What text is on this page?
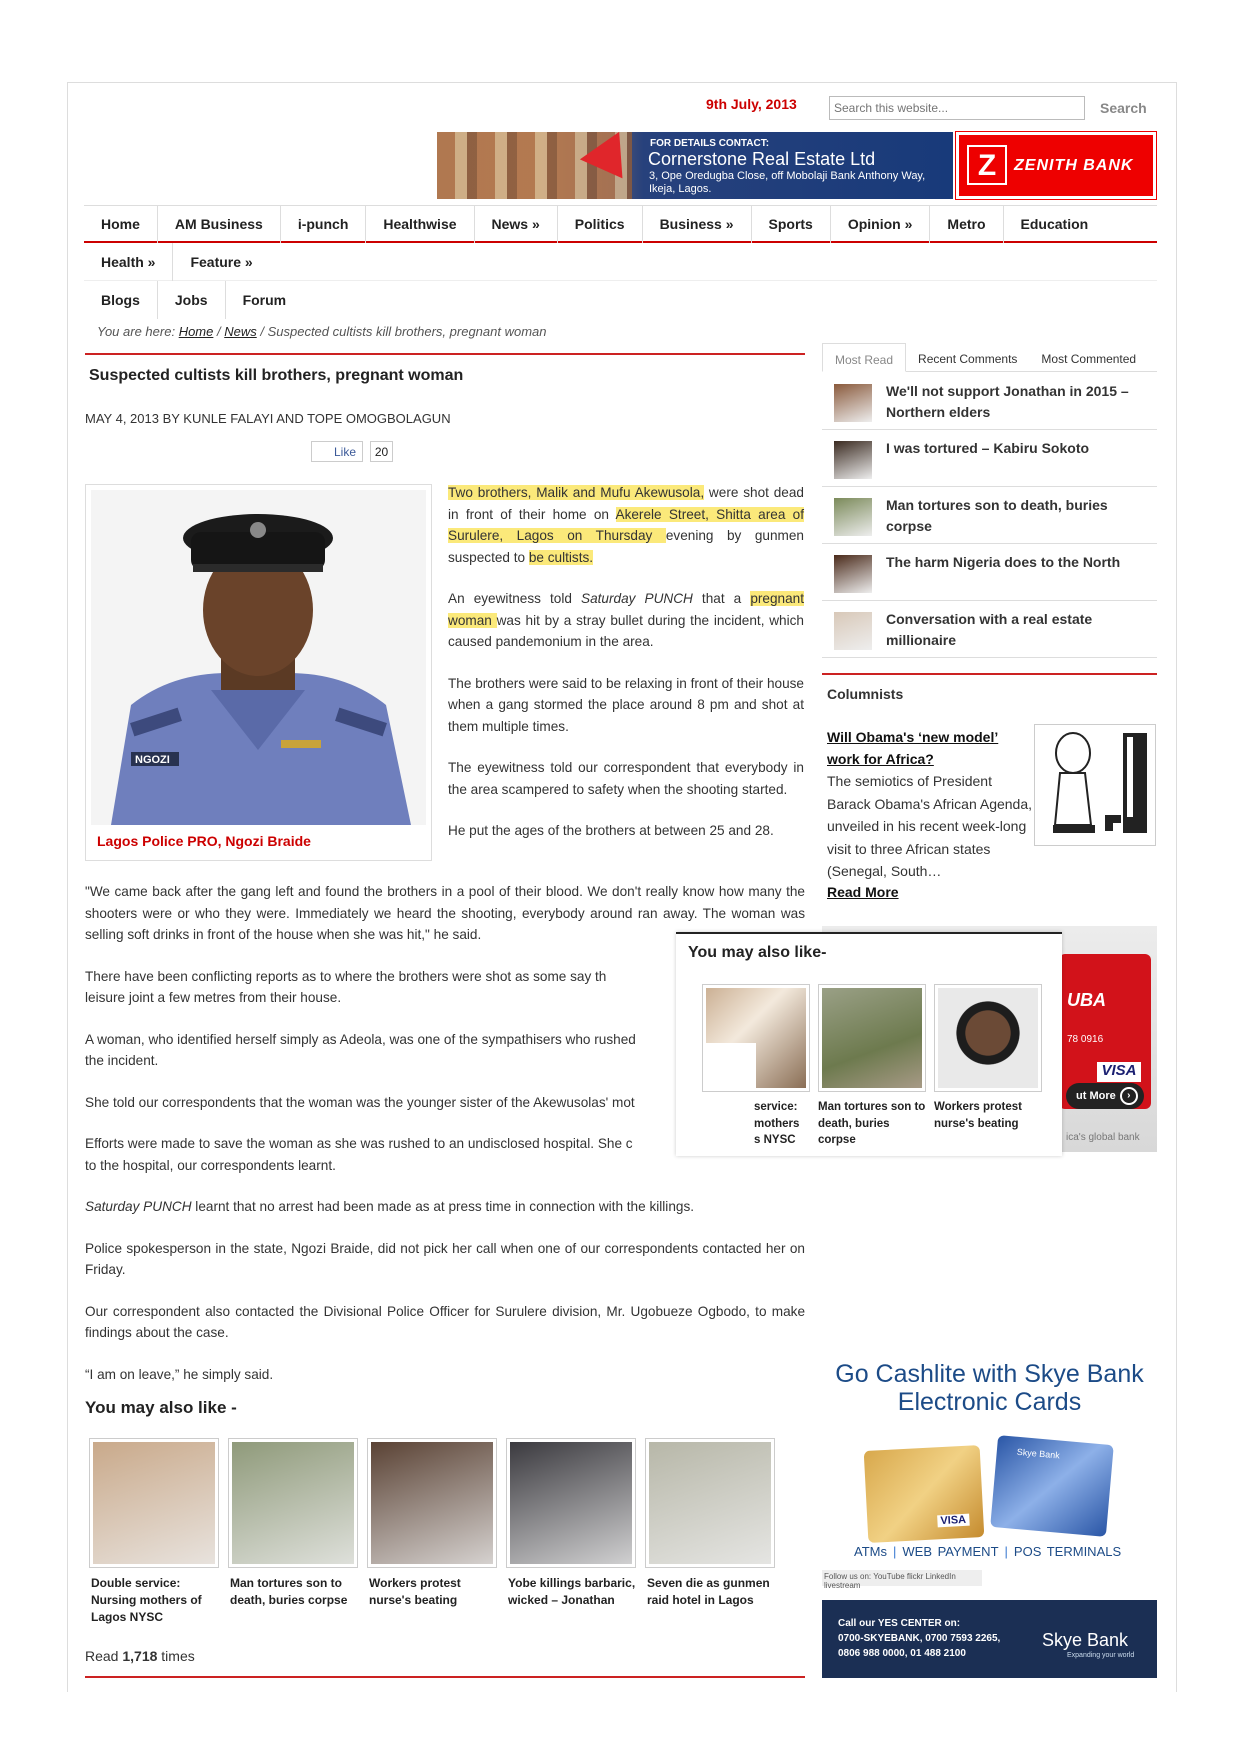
9th July, 2013
Search this website...	Search
FOR DETAILS CONTACT:
Cornerstone Real Estate Ltd
3, Ope Oredugba Close, off Mobolaji Bank Anthony Way, Ikeja, Lagos.
Z	ZENITH BANK
Home	AM Business	i-punch	Healthwise	News »	Politics	Business »	Sports	Opinion »	Metro	Education
Health »	Feature »
Blogs	Jobs	Forum
You are here: Home / News / Suspected cultists kill brothers, pregnant woman
Suspected cultists kill brothers, pregnant woman
MAY 4, 2013 BY KUNLE FALAYI AND TOPE OMOGBOLAGUN
Like	20
NGOZI
Lagos Police PRO, Ngozi Braide

Two brothers, Malik and Mufu Akewusola, were shot dead in front of their home on Akerele Street, Shitta area of Surulere, Lagos on Thursday evening by gunmen suspected to be cultists.

An eyewitness told Saturday PUNCH that a pregnant woman was hit by a stray bullet during the incident, which caused pandemonium in the area.

The brothers were said to be relaxing in front of their house when a gang stormed the place around 8 pm and shot at them multiple times.

The eyewitness told our correspondent that everybody in the area scampered to safety when the shooting started.

He put the ages of the brothers at between 25 and 28.

"We came back after the gang left and found the brothers in a pool of their blood. We don't really know how many the shooters were or who they were. Immediately we heard the shooting, everybody around ran away. The woman was selling soft drinks in front of the house when she was hit," he said.

There have been conflicting reports as to where the brothers were shot as some say th
leisure joint a few metres from their house.

A woman, who identified herself simply as Adeola, was one of the sympathisers who rushed
the incident.

She told our correspondents that the woman was the younger sister of the Akewusolas' mot

Efforts were made to save the woman as she was rushed to an undisclosed hospital. She c
to the hospital, our correspondents learnt.

Saturday PUNCH learnt that no arrest had been made as at press time in connection with the killings.

Police spokesperson in the state, Ngozi Braide, did not pick her call when one of our correspondents contacted her on Friday.

Our correspondent also contacted the Divisional Police Officer for Surulere division, Mr. Ugobueze Ogbodo, to make findings about the case.

“I am on leave,” he simply said.

You may also like -
Double service: Nursing mothers of Lagos NYSC
Man tortures son to death, buries corpse
Workers protest nurse's beating
Yobe killings barbaric, wicked – Jonathan
Seven die as gunmen raid hotel in Lagos
Read 1,718 times
Most Read	Recent Comments	Most Commented
We'll not support Jonathan in 2015 –Northern elders
I was tortured – Kabiru Sokoto
Man tortures son to death, buries corpse
The harm Nigeria does to the North
Conversation with a real estate millionaire
Columnists
Will Obama's ‘new model’ work for Africa?
The semiotics of President Barack Obama's African Agenda, unveiled in his recent week-long visit to three African states (Senegal, South…
Read More
UBA
78 0916
VISA
ut More	›
ica's global bank
You may also like-
service:
mothers
s NYSC
Man tortures son to death, buries corpse
Workers protest nurse's beating
Go Cashlite with Skye Bank
Electronic Cards
VISA
Skye Bank
ATMs | WEB PAYMENT | POS TERMINALS
Follow us on: YouTube flickr LinkedIn livestream
Call our YES CENTER on:
0700-SKYEBANK, 0700 7593 2265,
0806 988 0000, 01 488 2100
Skye Bank
Expanding your world
